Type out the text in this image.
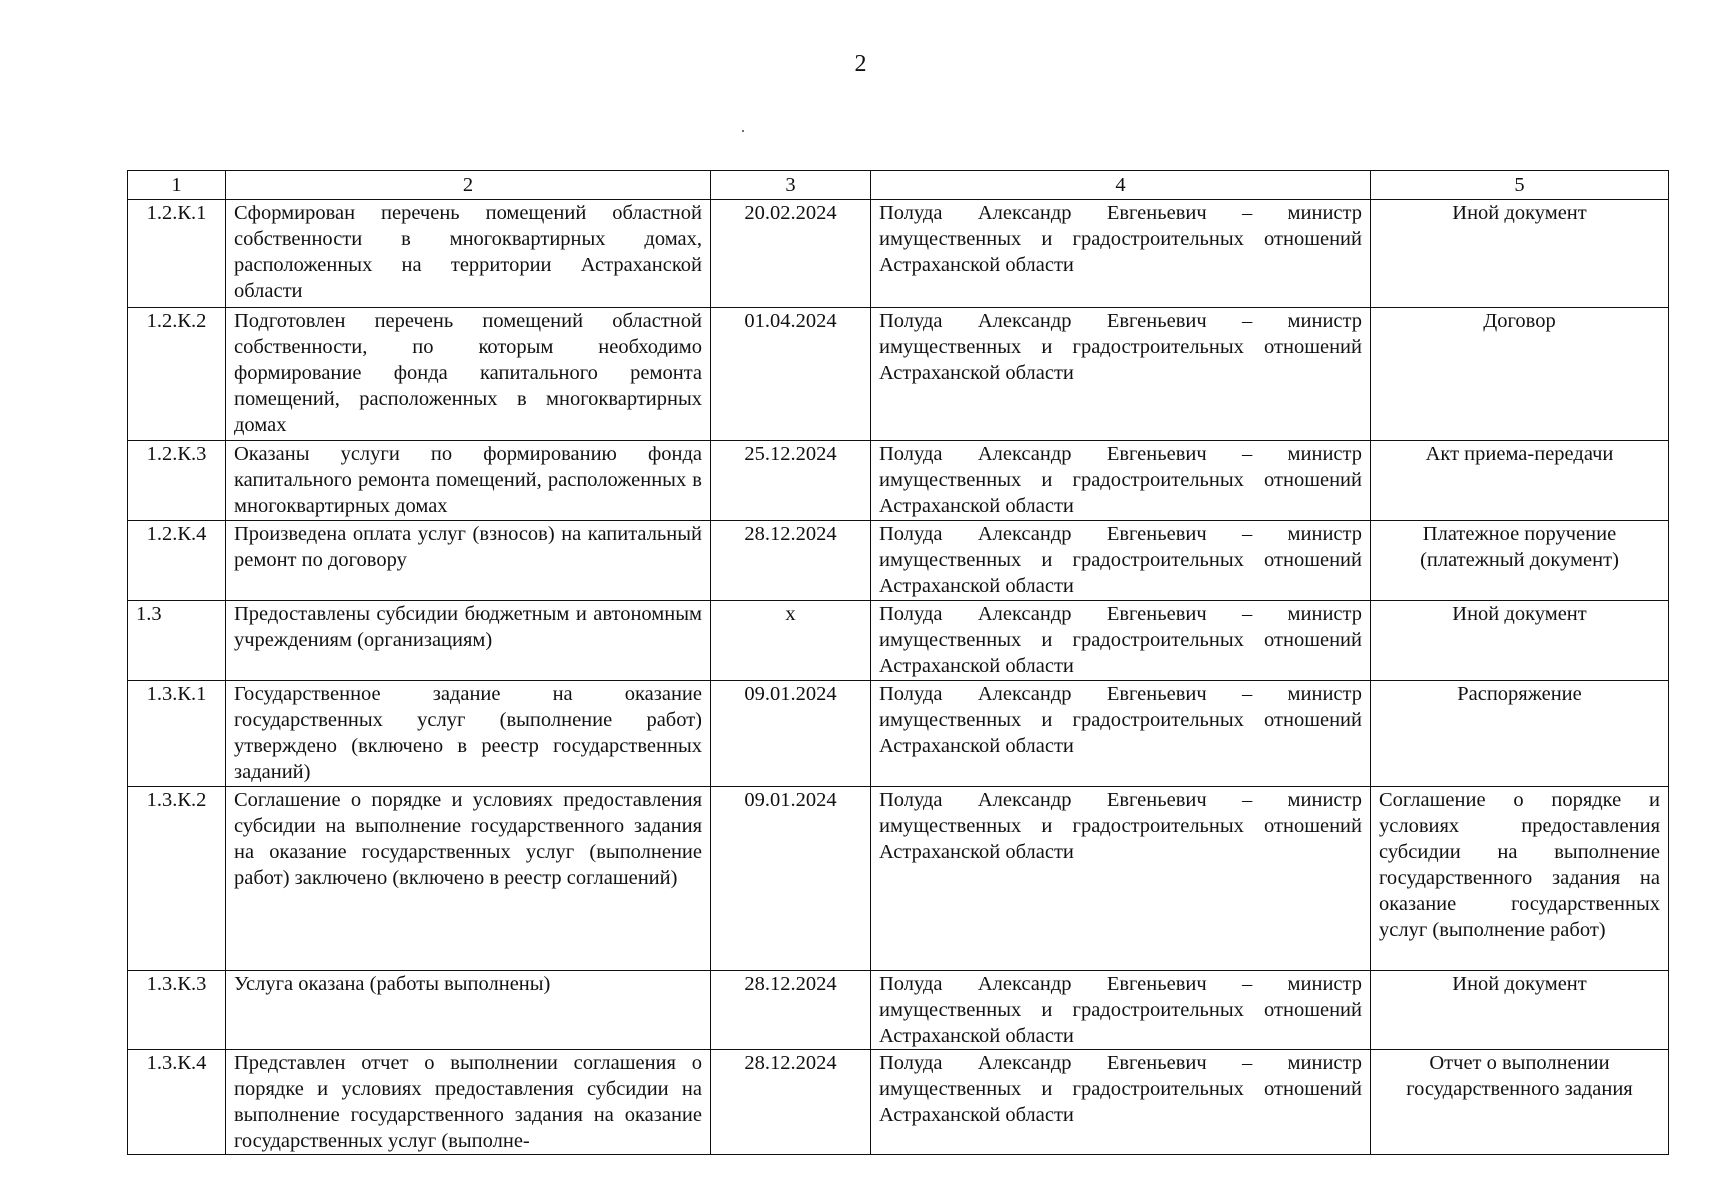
2
1	2	3	4	5
1.2.К.1	Сформирован перечень помещений областной собственности в многоквартирных домах, расположенных на территории Астраханской области	20.02.2024	Полуда Александр Евгеньевич – министр имущественных и градостроительных отношений Астраханской области	Иной документ
1.2.К.2	Подготовлен перечень помещений областной собственности, по которым необходимо формирование фонда капитального ремонта помещений, расположенных в многоквартирных домах	01.04.2024	Полуда Александр Евгеньевич – министр имущественных и градостроительных отношений Астраханской области	Договор
1.2.К.3	Оказаны услуги по формированию фонда капитального ремонта помещений, расположенных в многоквартирных домах	25.12.2024	Полуда Александр Евгеньевич – министр имущественных и градостроительных отношений Астраханской области	Акт приема-передачи
1.2.К.4	Произведена оплата услуг (взносов) на капитальный ремонт по договору	28.12.2024	Полуда Александр Евгеньевич – министр имущественных и градостроительных отношений Астраханской области	Платежное поручение (платежный документ)
1.3	Предоставлены субсидии бюджетным и автономным учреждениям (организациям)	x	Полуда Александр Евгеньевич – министр имущественных и градостроительных отношений Астраханской области	Иной документ
1.3.К.1	Государственное задание на оказание государственных услуг (выполнение работ) утверждено (включено в реестр государственных заданий)	09.01.2024	Полуда Александр Евгеньевич – министр имущественных и градостроительных отношений Астраханской области	Распоряжение
1.3.К.2	Соглашение о порядке и условиях предоставления субсидии на выполнение государственного задания на оказание государственных услуг (выполнение работ) заключено (включено в реестр соглашений)	09.01.2024	Полуда Александр Евгеньевич – министр имущественных и градостроительных отношений Астраханской области	Соглашение о порядке и условиях предоставления субсидии на выполнение государственного задания на оказание государственных услуг (выполнение работ)
1.3.К.3	Услуга оказана (работы выполнены)	28.12.2024	Полуда Александр Евгеньевич – министр имущественных и градостроительных отношений Астраханской области	Иной документ
1.3.К.4	Представлен отчет о выполнении соглашения о порядке и условиях предоставления субсидии на выполнение государственного задания на оказание государственных услуг (выполне-	28.12.2024	Полуда Александр Евгеньевич – министр имущественных и градостроительных отношений Астраханской области	Отчет о выполнении государственного задания
